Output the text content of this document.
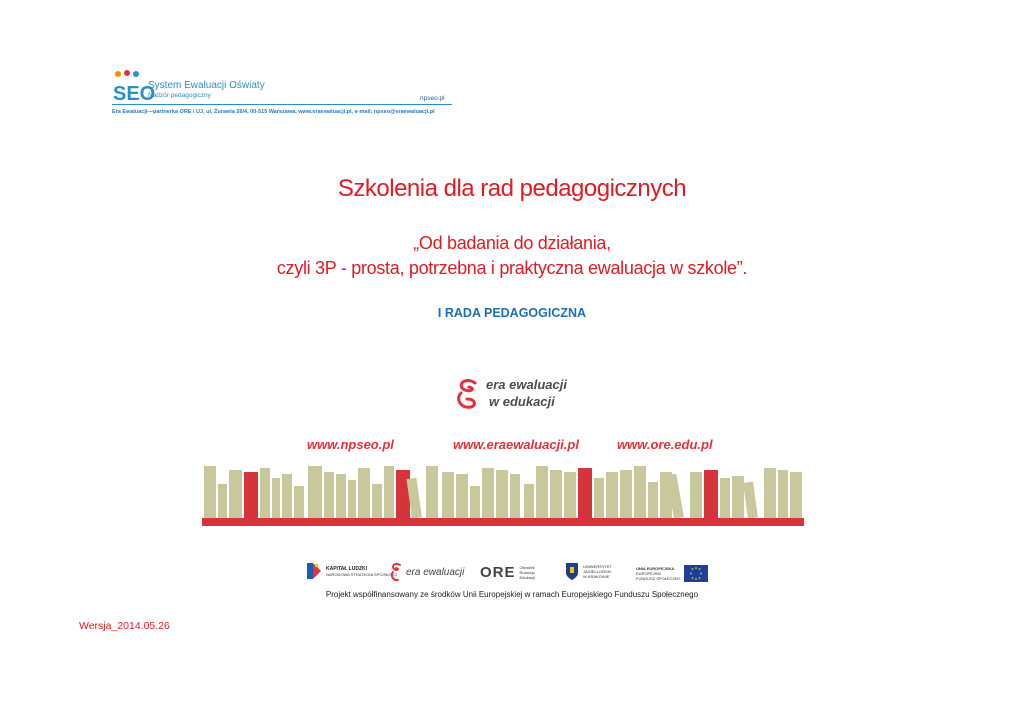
SEO
System Ewaluacji Oświaty
Nadzór pedagogiczny	npseo.pl
Era Ewaluacji—partnerka ORE i UJ, ul. Żurawia 26/4, 00-515 Warszawa, www.eraewaluacji.pl, e-mail: npseo@eraewaluacji.pl
Szkolenia dla rad pedagogicznych
„Od badania do działania,
czyli 3P - prosta, potrzebna i praktyczna ewaluacja w szkole”.
I RADA PEDAGOGICZNA
era ewaluacji
w edukacji
www.npseo.pl	www.eraewaluacji.pl	www.ore.edu.pl
KAPITAŁ LUDZKI
NARODOWA STRATEGIA SPÓJNOŚCI era ewaluacji ORE Ośrodek
Rozwoju
Edukacji
UNIWERSYTET
JAGIELLOŃSKI
W KRAKOWIE
UNIA EUROPEJSKA
EUROPEJSKI
FUNDUSZ SPOŁECZNY
Projekt współfinansowany ze środków Unii Europejskiej w ramach Europejskiego Funduszu Społecznego
Wersja_2014.05.26
